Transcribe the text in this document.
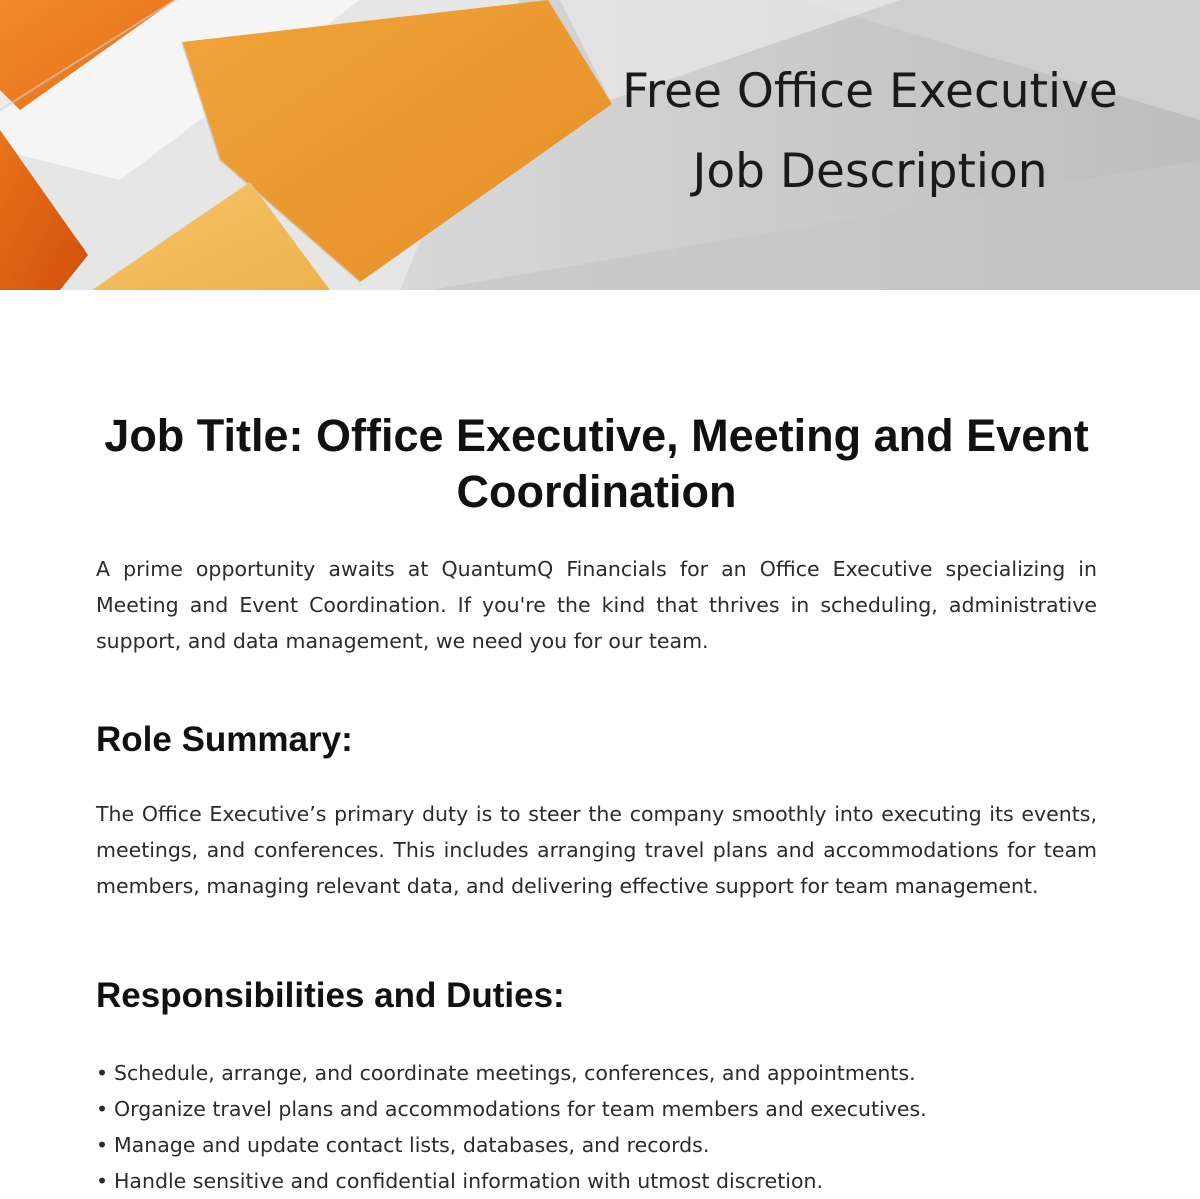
Free Office Executive
Job Description
Job Title: Office Executive, Meeting and Event Coordination

A prime opportunity awaits at QuantumQ Financials for an Office Executive specializing in Meeting and Event Coordination. If you're the kind that thrives in scheduling, administrative support, and data management, we need you for our team.

Role Summary:

The Office Executive’s primary duty is to steer the company smoothly into executing its events, meetings, and conferences. This includes arranging travel plans and accommodations for team members, managing relevant data, and delivering effective support for team management.

Responsibilities and Duties:
• Schedule, arrange, and coordinate meetings, conferences, and appointments.
• Organize travel plans and accommodations for team members and executives.
• Manage and update contact lists, databases, and records.
• Handle sensitive and confidential information with utmost discretion.
